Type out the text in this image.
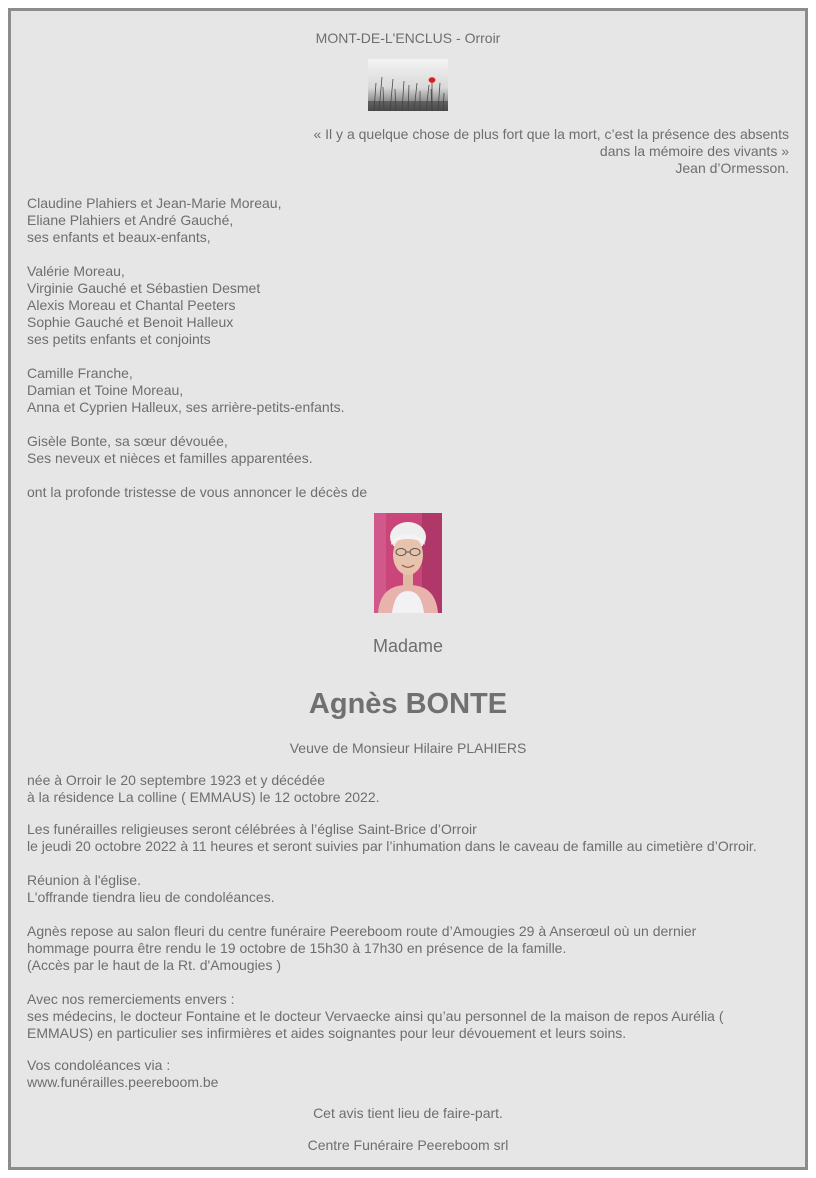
MONT-DE-L'ENCLUS - Orroir
« Il y a quelque chose de plus fort que la mort, c’est la présence des absents
dans la mémoire des vivants »
Jean d’Ormesson.
Claudine Plahiers et Jean-Marie Moreau,
Eliane Plahiers et André Gauché,
ses enfants et beaux-enfants,
Valérie Moreau,
Virginie Gauché et Sébastien Desmet
Alexis Moreau et Chantal Peeters
Sophie Gauché et Benoit Halleux
ses petits enfants et conjoints
Camille Franche,
Damian et Toine Moreau,
Anna et Cyprien Halleux, ses arrière-petits-enfants.
Gisèle Bonte, sa sœur dévouée,
Ses neveux et nièces et familles apparentées.
ont la profonde tristesse de vous annoncer le décès de
Madame
Agnès BONTE
Veuve de Monsieur Hilaire PLAHIERS
née à Orroir le 20 septembre 1923 et y décédée
à la résidence La colline ( EMMAUS) le 12 octobre 2022.
Les funérailles religieuses seront célébrées à l’église Saint-Brice d’Orroir
le jeudi 20 octobre 2022 à 11 heures et seront suivies par l’inhumation dans le caveau de famille au cimetière d’Orroir.
Réunion à l'église.
L'offrande tiendra lieu de condoléances.
Agnès repose au salon fleuri du centre funéraire Peereboom route d’Amougies 29 à Anserœul où un dernier
hommage pourra être rendu le 19 octobre de 15h30 à 17h30 en présence de la famille.
(Accès par le haut de la Rt. d'Amougies )
Avec nos remerciements envers :
ses médecins, le docteur Fontaine et le docteur Vervaecke ainsi qu’au personnel de la maison de repos Aurélia (
EMMAUS) en particulier ses infirmières et aides soignantes pour leur dévouement et leurs soins.
Vos condoléances via :
www.funérailles.peereboom.be
Cet avis tient lieu de faire-part.
Centre Funéraire Peereboom srl
